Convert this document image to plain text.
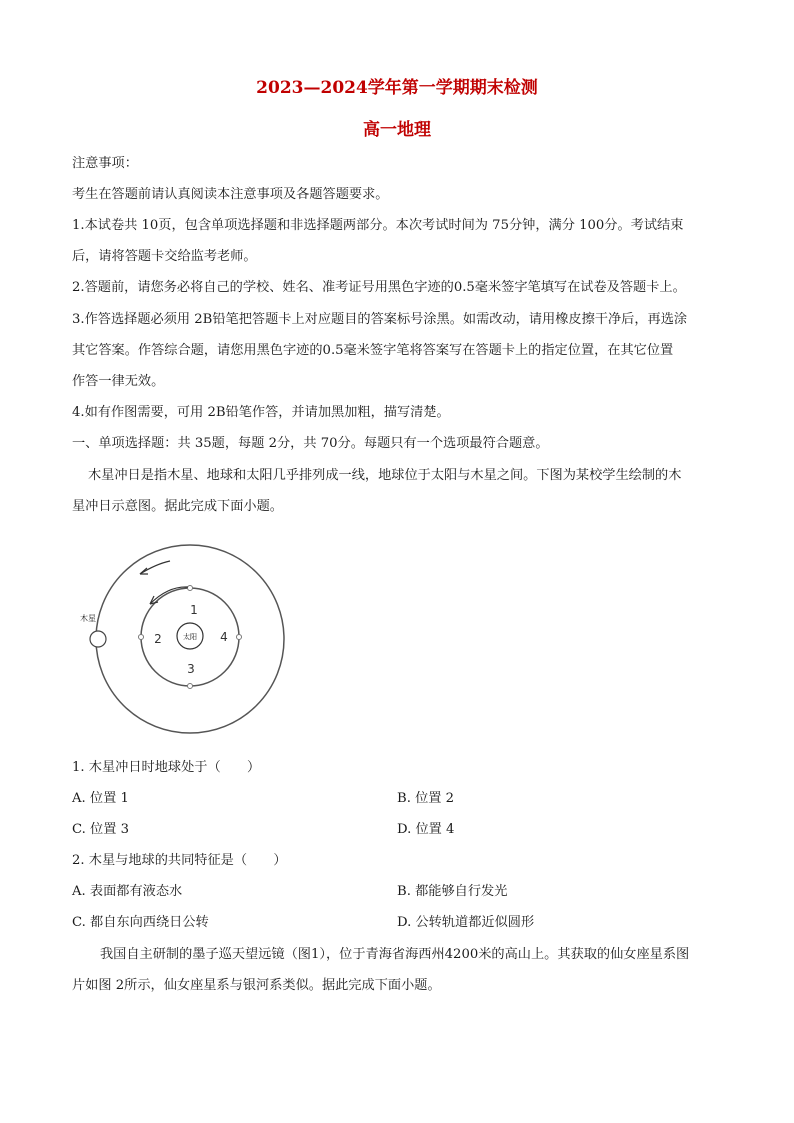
2023—2024学年第一学期期末检测
高一地理
注意事项：
考生在答题前请认真阅读本注意事项及各题答题要求。
1.本试卷共 10页，包含单项选择题和非选择题两部分。本次考试时间为 75分钟，满分 100分。考试结束
后，请将答题卡交给监考老师。
2.答题前，请您务必将自己的学校、姓名、准考证号用黑色字迹的0.5毫米签字笔填写在试卷及答题卡上。
3.作答选择题必须用 2B铅笔把答题卡上对应题目的答案标号涂黑。如需改动，请用橡皮擦干净后，再选涂
其它答案。作答综合题，请您用黑色字迹的0.5毫米签字笔将答案写在答题卡上的指定位置，在其它位置
作答一律无效。
4.如有作图需要，可用 2B铅笔作答，并请加黑加粗，描写清楚。
一、单项选择题：共 35题，每题 2分，共 70分。每题只有一个选项最符合题意。
木星冲日是指木星、地球和太阳几乎排列成一线，地球位于太阳与木星之间。下图为某校学生绘制的木
星冲日示意图。据此完成下面小题。
太阳
木星
1
2
3
4
1. 木星冲日时地球处于（　　）
A. 位置 1	B. 位置 2
C. 位置 3	D. 位置 4
2. 木星与地球的共同特征是（　　）
A. 表面都有液态水	B. 都能够自行发光
C. 都自东向西绕日公转	D. 公转轨道都近似圆形
我国自主研制的墨子巡天望远镜（图1），位于青海省海西州4200米的高山上。其获取的仙女座星系图
片如图 2所示，仙女座星系与银河系类似。据此完成下面小题。
